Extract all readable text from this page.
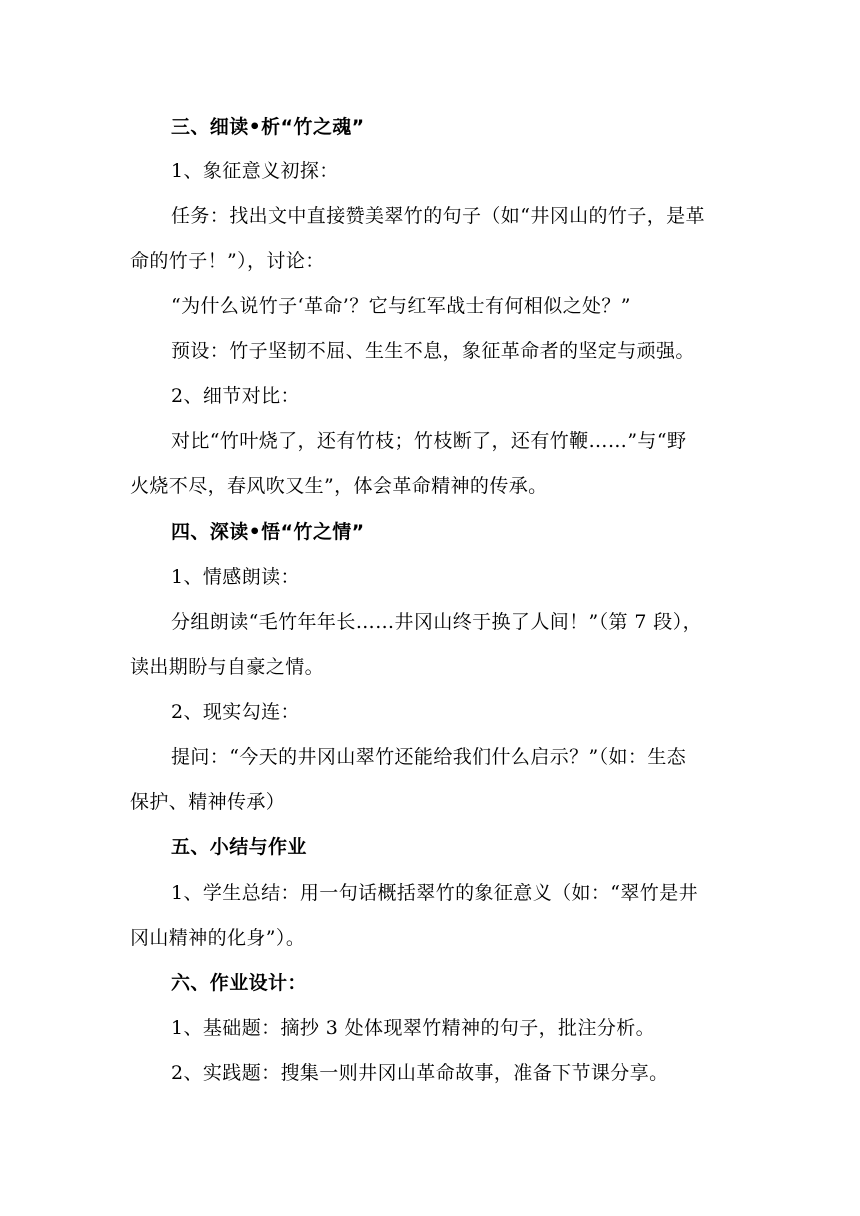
三、细读•析“竹之魂”
1、象征意义初探：
任务：找出文中直接赞美翠竹的句子（如“井冈山的竹子，是革
命的竹子！”），讨论：
“为什么说竹子‘革命’？它与红军战士有何相似之处？”
预设：竹子坚韧不屈、生生不息，象征革命者的坚定与顽强。
2、细节对比：
对比“竹叶烧了，还有竹枝；竹枝断了，还有竹鞭……”与“野
火烧不尽，春风吹又生”，体会革命精神的传承。
四、深读•悟“竹之情”
1、情感朗读：
分组朗读“毛竹年年长……井冈山终于换了人间！”（第 7 段），
读出期盼与自豪之情。
2、现实勾连：
提问：“今天的井冈山翠竹还能给我们什么启示？”（如：生态
保护、精神传承）
五、小结与作业
1、学生总结：用一句话概括翠竹的象征意义（如：“翠竹是井
冈山精神的化身”）。
六、作业设计：
1、基础题：摘抄 3 处体现翠竹精神的句子，批注分析。
2、实践题：搜集一则井冈山革命故事，准备下节课分享。
